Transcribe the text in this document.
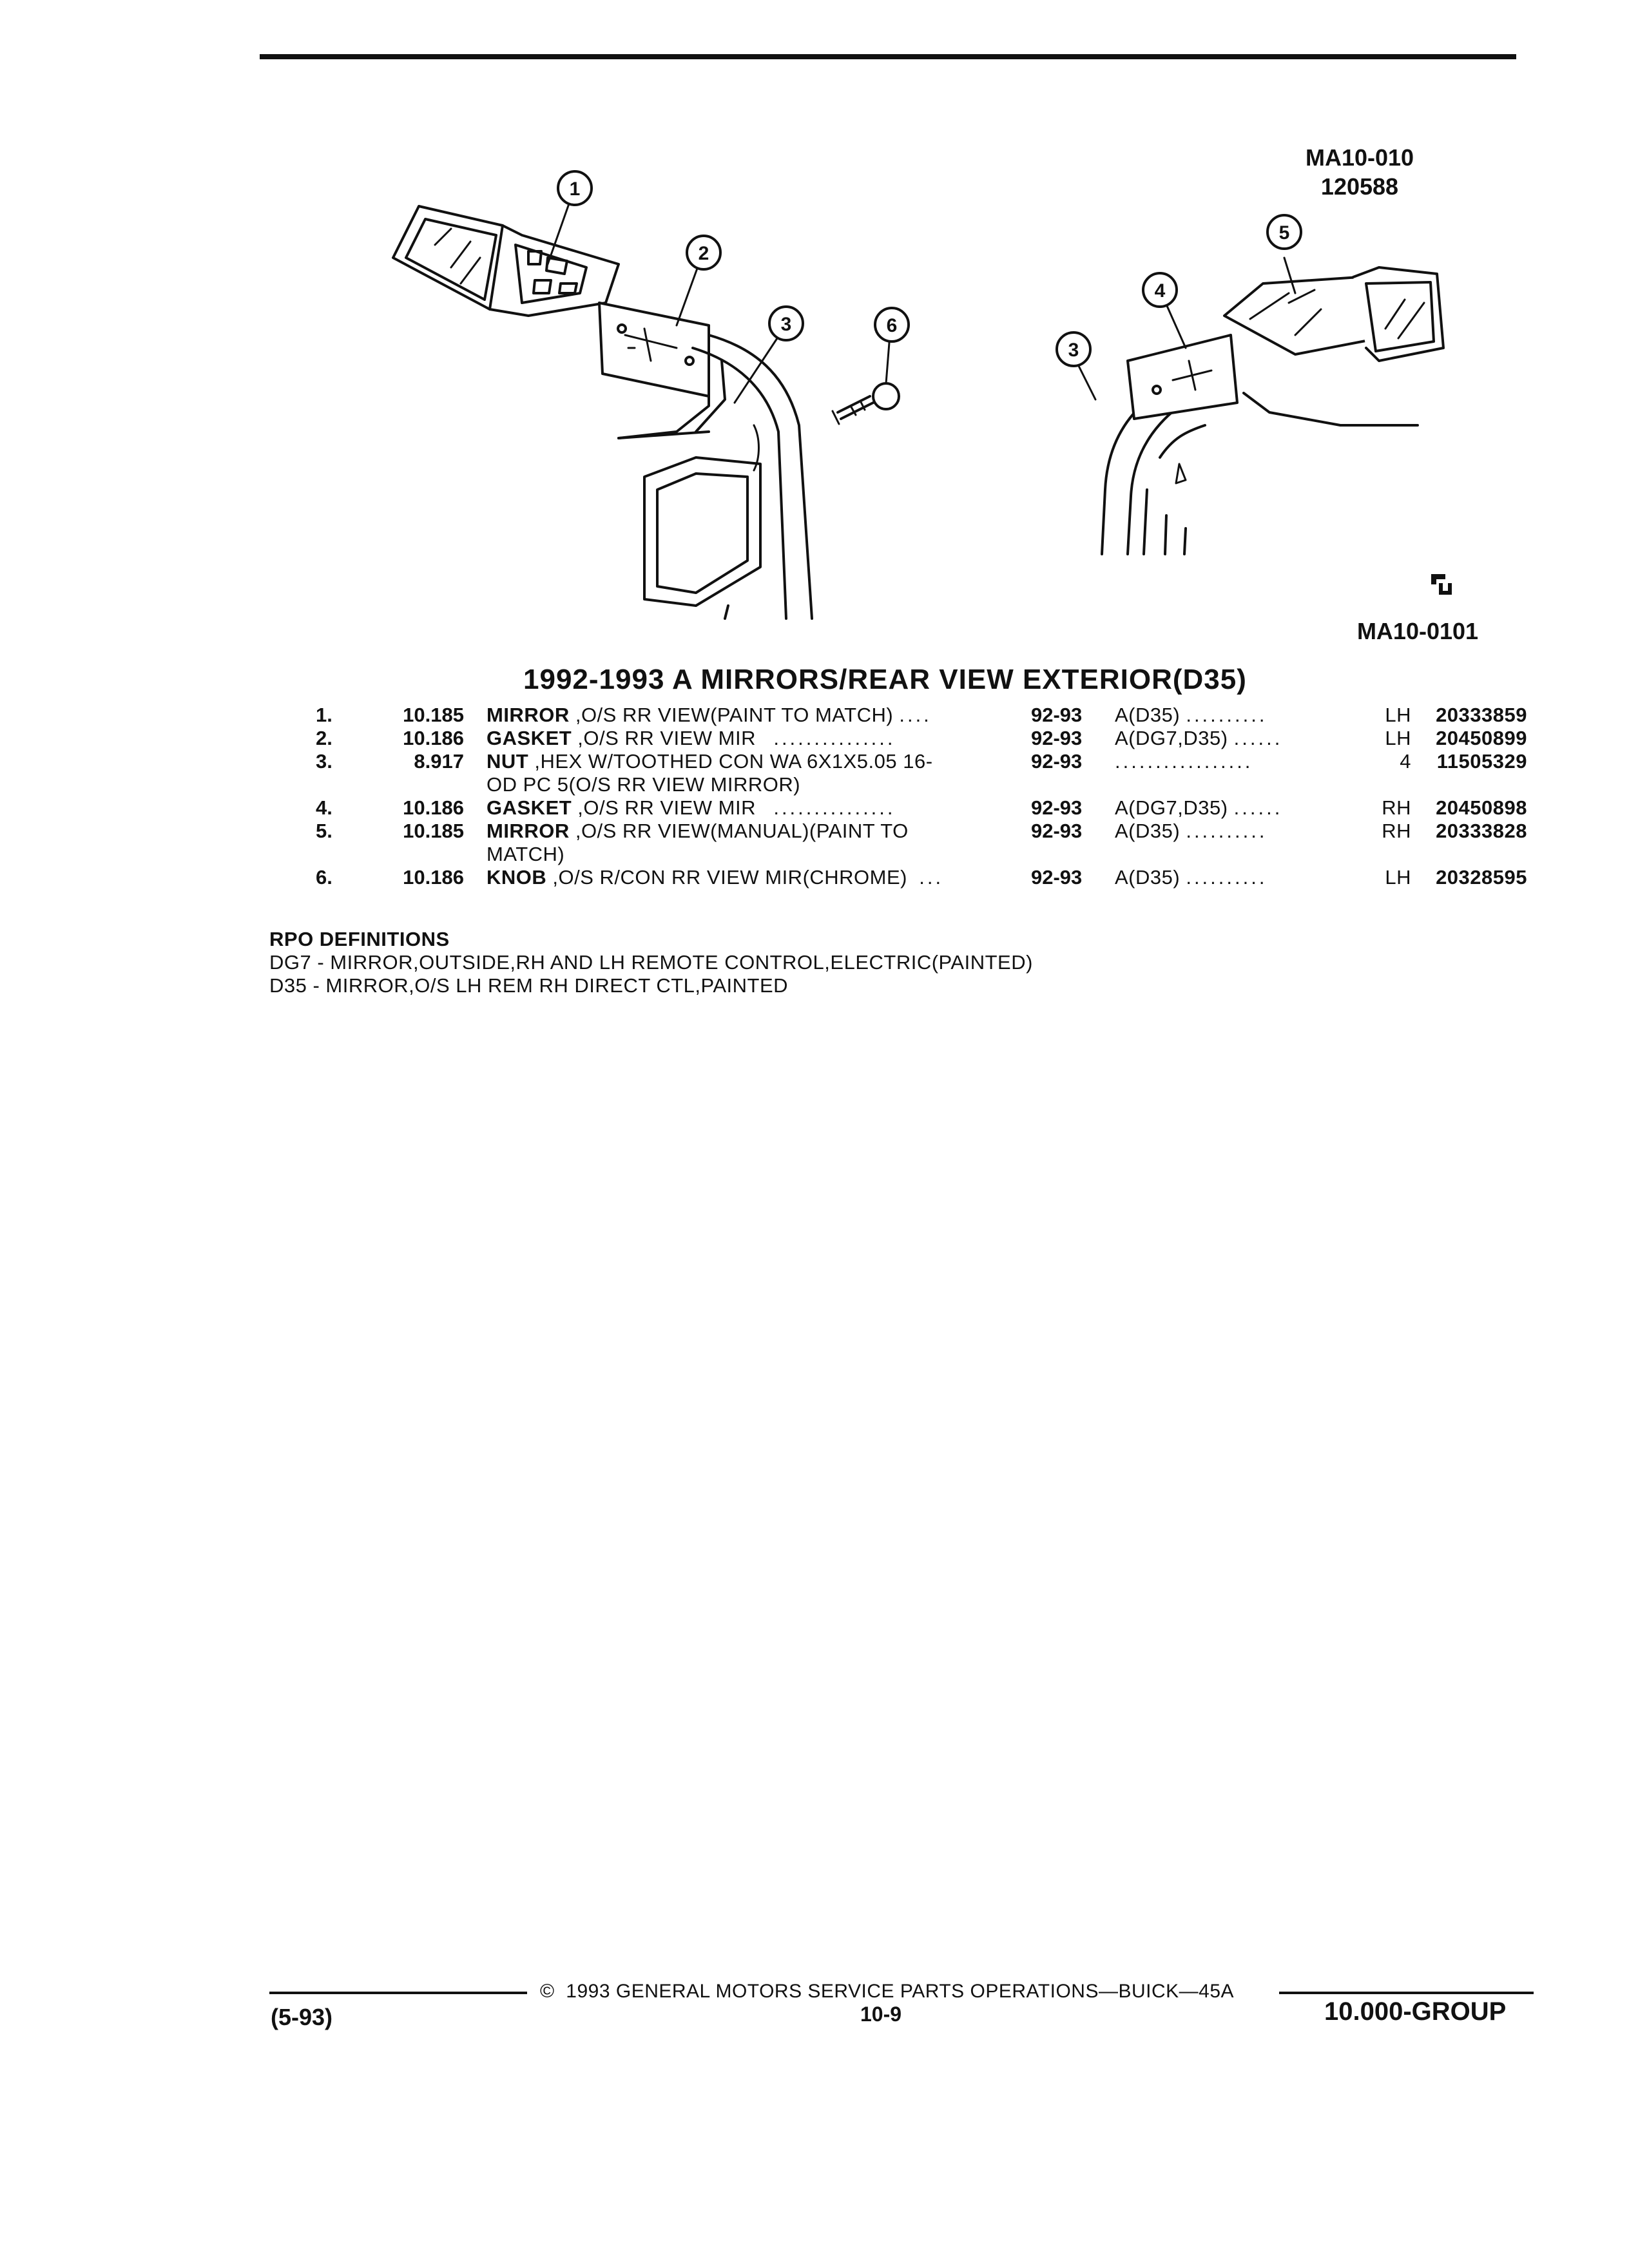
MA10-010
120588
MA10-0101
1
2
3	6
3
4
5
1992-1993 A MIRRORS/REAR VIEW EXTERIOR(D35)
1.	10.185 MIRROR ,O/S RR VIEW(PAINT TO MATCH) ....	92-93 A(D35) ..........	LH	20333859
2.	10.186 GASKET ,O/S RR VIEW MIR ...............	92-93 A(DG7,D35) ......	LH	20450899
3.	8.917 NUT ,HEX W/TOOTHED CON WA 6X1X5.05 16-
OD PC 5(O/S RR VIEW MIRROR)
92-93 .................	4	11505329
4.	10.186 GASKET ,O/S RR VIEW MIR ...............	92-93 A(DG7,D35) ......	RH	20450898
5.	10.185 MIRROR ,O/S RR VIEW(MANUAL)(PAINT TO
MATCH)
92-93 A(D35) ..........	RH	20333828
6.	10.186 KNOB ,O/S R/CON RR VIEW MIR(CHROME) ...	92-93 A(D35) ..........	LH	20328595
RPO DEFINITIONS
DG7 - MIRROR,OUTSIDE,RH AND LH REMOTE CONTROL,ELECTRIC(PAINTED)
D35 - MIRROR,O/S LH REM RH DIRECT CTL,PAINTED
© 1993 GENERAL MOTORS SERVICE PARTS OPERATIONS—BUICK—45A
(5-93)	10-9	10.000-GROUP
